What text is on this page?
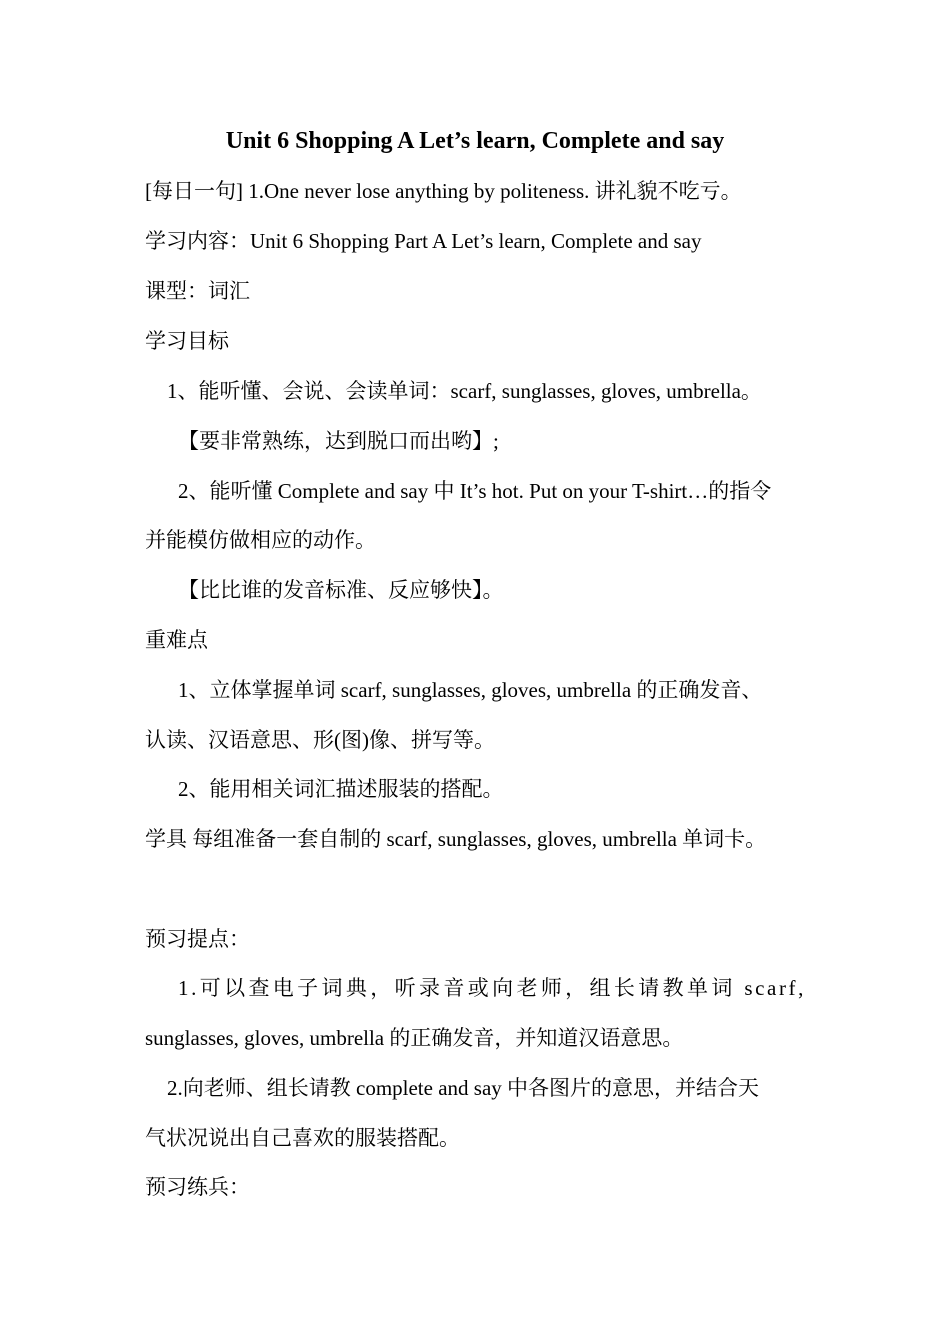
Unit 6 Shopping A Let’s learn, Complete and say
[每日一句] 1.One never lose anything by politeness. 讲礼貌不吃亏。
学习内容：Unit 6 Shopping Part A Let’s learn, Complete and say
课型：词汇
学习目标
1、能听懂、会说、会读单词：scarf, sunglasses, gloves, umbrella。
【要非常熟练，达到脱口而出哟】;
2、能听懂 Complete and say 中 It’s hot. Put on your T-shirt…的指令
并能模仿做相应的动作。
【比比谁的发音标准、反应够快】。
重难点
1、立体掌握单词 scarf, sunglasses, gloves, umbrella 的正确发音、
认读、汉语意思、形(图)像、拼写等。
2、能用相关词汇描述服装的搭配。
学具 每组准备一套自制的 scarf, sunglasses, gloves, umbrella 单词卡。
预习提点：
1.可以查电子词典，听录音或向老师，组长请教单词 scarf,
sunglasses, gloves, umbrella 的正确发音，并知道汉语意思。
2.向老师、组长请教 complete and say 中各图片的意思，并结合天
气状况说出自己喜欢的服装搭配。
预习练兵：
